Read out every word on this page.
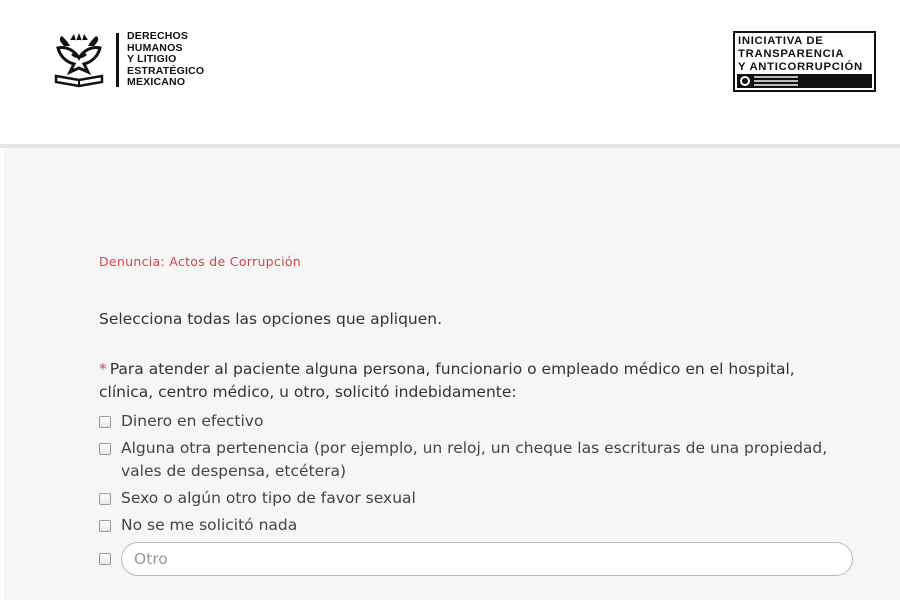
DERECHOS
HUMANOS
Y LITIGIO
ESTRATÉGICO
MEXICANO
INICIATIVA DE
TRANSPARENCIA
Y ANTICORRUPCIÓN
Denuncia: Actos de Corrupción
Selecciona todas las opciones que apliquen.
* Para atender al paciente alguna persona, funcionario o empleado médico en el hospital, clínica, centro médico, u otro, solicitó indebidamente:
Dinero en efectivo
Alguna otra pertenencia (por ejemplo, un reloj, un cheque las escrituras de una propiedad, vales de despensa, etcétera)
Sexo o algún otro tipo de favor sexual
No se me solicitó nada
Otro
